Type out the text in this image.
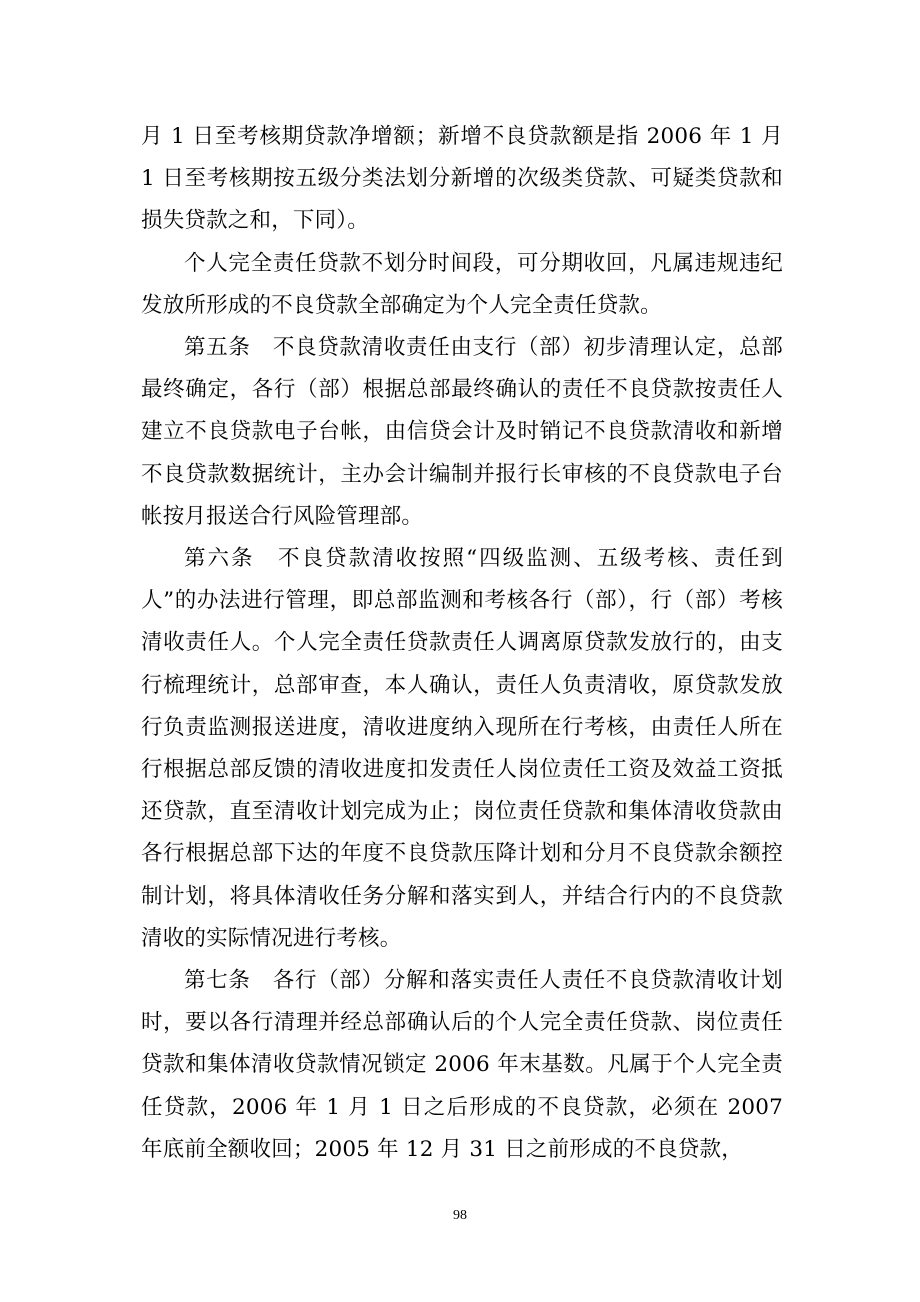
月 1 日至考核期贷款净增额；新增不良贷款额是指 2006 年 1 月 1 日至考核期按五级分类法划分新增的次级类贷款、可疑类贷款和损失贷款之和，下同）。

个人完全责任贷款不划分时间段，可分期收回，凡属违规违纪发放所形成的不良贷款全部确定为个人完全责任贷款。

第五条　不良贷款清收责任由支行（部）初步清理认定，总部最终确定，各行（部）根据总部最终确认的责任不良贷款按责任人建立不良贷款电子台帐，由信贷会计及时销记不良贷款清收和新增不良贷款数据统计，主办会计编制并报行长审核的不良贷款电子台帐按月报送合行风险管理部。

第六条　不良贷款清收按照“四级监测、五级考核、责任到人”的办法进行管理，即总部监测和考核各行（部），行（部）考核清收责任人。个人完全责任贷款责任人调离原贷款发放行的，由支行梳理统计，总部审查，本人确认，责任人负责清收，原贷款发放行负责监测报送进度，清收进度纳入现所在行考核，由责任人所在行根据总部反馈的清收进度扣发责任人岗位责任工资及效益工资抵还贷款，直至清收计划完成为止；岗位责任贷款和集体清收贷款由各行根据总部下达的年度不良贷款压降计划和分月不良贷款余额控制计划，将具体清收任务分解和落实到人，并结合行内的不良贷款清收的实际情况进行考核。

第七条　各行（部）分解和落实责任人责任不良贷款清收计划时，要以各行清理并经总部确认后的个人完全责任贷款、岗位责任贷款和集体清收贷款情况锁定 2006 年末基数。凡属于个人完全责任贷款，2006 年 1 月 1 日之后形成的不良贷款，必须在 2007 年底前全额收回；2005 年 12 月 31 日之前形成的不良贷款，

98
